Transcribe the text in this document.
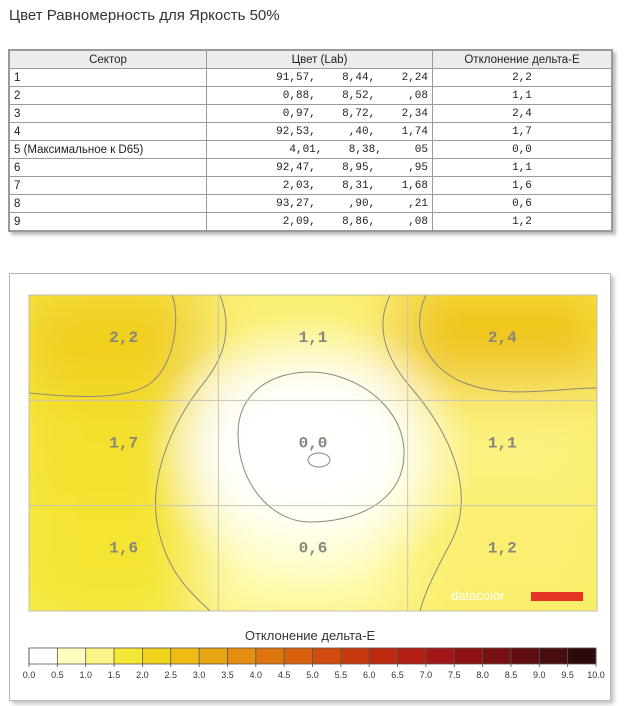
Цвет Равномерность для Яркость 50%
Сектор	Цвет (Lab)	Отклонение дельта-E
1	91,57,    8,44,    2,24	2,2
2	0,88,    8,52,     ,08	1,1
3	0,97,    8,72,    2,34	2,4
4	92,53,     ,40,    1,74	1,7
5 (Максимальное к D65)	4,01,    8,38,     05	0,0
6	92,47,    8,95,     ,95	1,1
7	2,03,    8,31,    1,68	1,6
8	93,27,     ,90,     ,21	0,6
9	2,09,    8,86,     ,08	1,2
2,2	1,1	2,4
1,7	0,0	1,1
1,6	0,6	1,2
datacolor
Отклонение дельта-E
0.0 0.5 1.0 1.5 2.0 2.5 3.0 3.5 4.0 4.5 5.0 5.5 6.0 6.5 7.0 7.5 8.0 8.5 9.0 9.5 10.0
